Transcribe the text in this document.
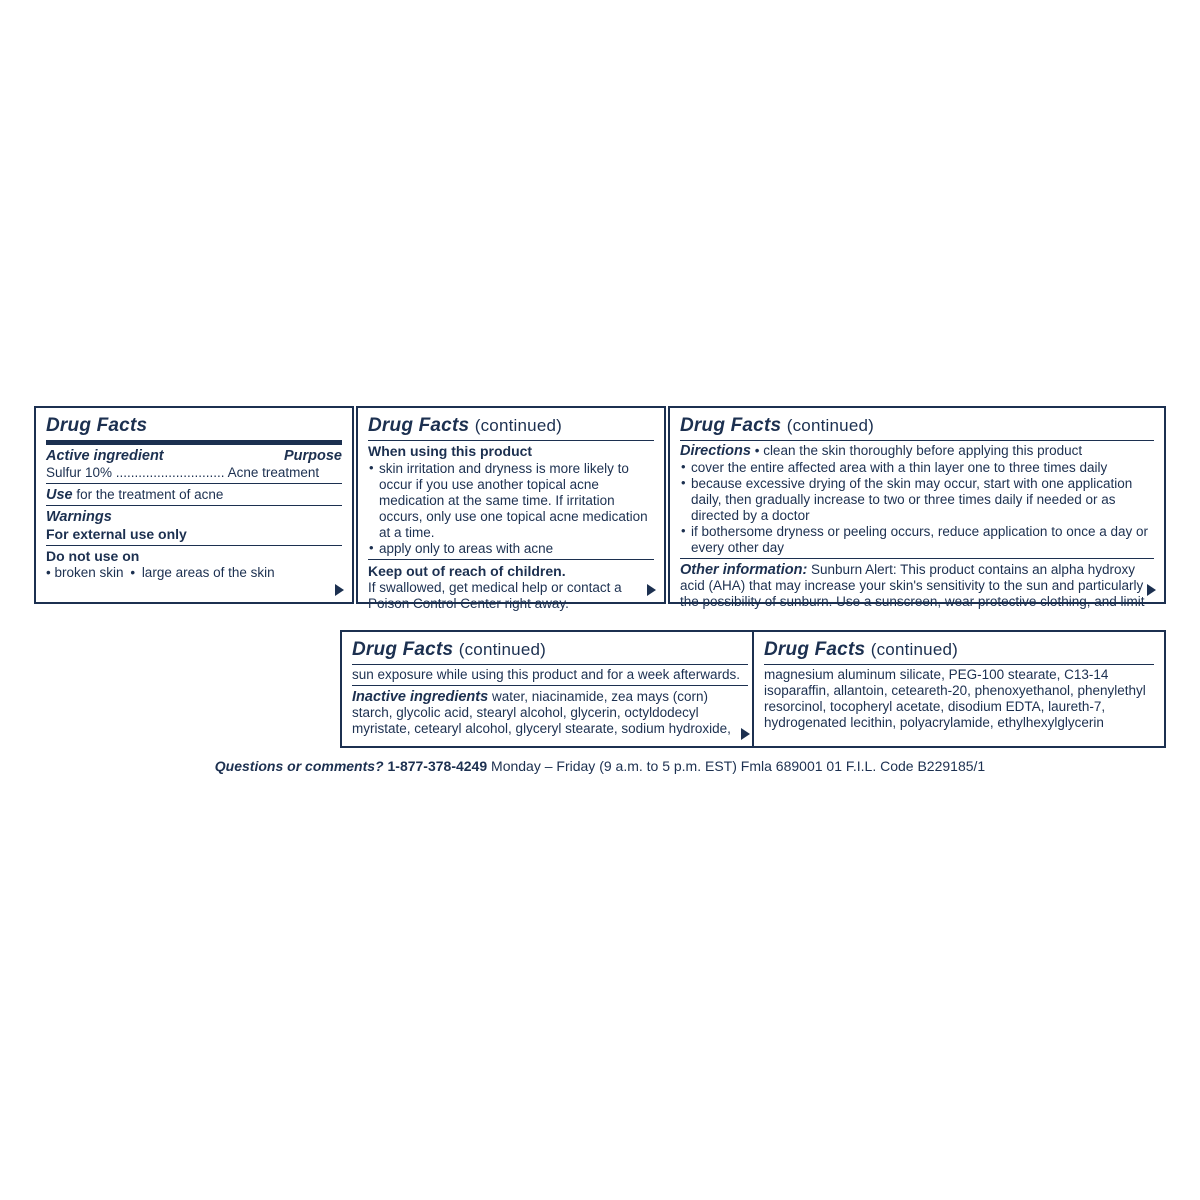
Drug Facts
Active ingredient	Purpose
Sulfur 10% ............................. Acne treatment
Use for the treatment of acne
Warnings
For external use only
Do not use on
• broken skin • large areas of the skin
Drug Facts (continued)
When using this product
• skin irritation and dryness is more likely to occur if you use another topical acne medication at the same time. If irritation occurs, only use one topical acne medication at a time.
• apply only to areas with acne
Keep out of reach of children.
If swallowed, get medical help or contact a Poison Control Center right away.
Drug Facts (continued)
Directions • clean the skin thoroughly before applying this product
• cover the entire affected area with a thin layer one to three times daily
• because excessive drying of the skin may occur, start with one application daily, then gradually increase to two or three times daily if needed or as directed by a doctor
• if bothersome dryness or peeling occurs, reduce application to once a day or every other day
Other information: Sunburn Alert: This product contains an alpha hydroxy acid (AHA) that may increase your skin's sensitivity to the sun and particularly the possibility of sunburn. Use a sunscreen, wear protective clothing, and limit
Drug Facts (continued)
sun exposure while using this product and for a week afterwards.
Inactive ingredients water, niacinamide, zea mays (corn) starch, glycolic acid, stearyl alcohol, glycerin, octyldodecyl myristate, cetearyl alcohol, glyceryl stearate, sodium hydroxide,
Drug Facts (continued)
magnesium aluminum silicate, PEG-100 stearate, C13-14 isoparaffin, allantoin, ceteareth-20, phenoxyethanol, phenylethyl resorcinol, tocopheryl acetate, disodium EDTA, laureth-7, hydrogenated lecithin, polyacrylamide, ethylhexylglycerin
Questions or comments? 1-877-378-4249 Monday – Friday (9 a.m. to 5 p.m. EST) Fmla 689001 01 F.I.L. Code B229185/1
